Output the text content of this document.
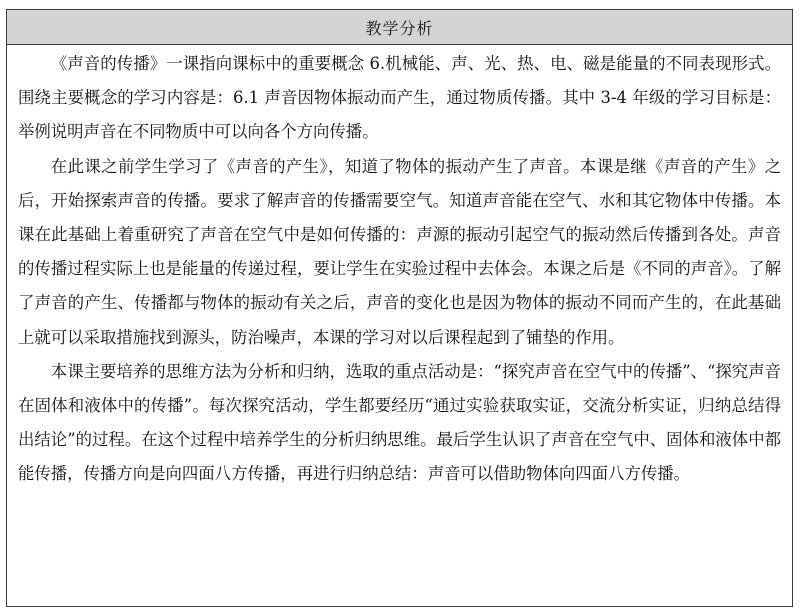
教学分析

《声音的传播》一课指向课标中的重要概念 6.机械能、声、光、热、电、磁是能量的不同表现形式。围绕主要概念的学习内容是：6.1 声音因物体振动而产生，通过物质传播。其中 3-4 年级的学习目标是：举例说明声音在不同物质中可以向各个方向传播。

在此课之前学生学习了《声音的产生》，知道了物体的振动产生了声音。本课是继《声音的产生》之后，开始探索声音的传播。要求了解声音的传播需要空气。知道声音能在空气、水和其它物体中传播。本课在此基础上着重研究了声音在空气中是如何传播的：声源的振动引起空气的振动然后传播到各处。声音的传播过程实际上也是能量的传递过程，要让学生在实验过程中去体会。本课之后是《不同的声音》。了解了声音的产生、传播都与物体的振动有关之后，声音的变化也是因为物体的振动不同而产生的，在此基础上就可以采取措施找到源头，防治噪声，本课的学习对以后课程起到了铺垫的作用。

本课主要培养的思维方法为分析和归纳，选取的重点活动是：“探究声音在空气中的传播”、“探究声音在固体和液体中的传播”。每次探究活动，学生都要经历“通过实验获取实证，交流分析实证，归纳总结得出结论”的过程。在这个过程中培养学生的分析归纳思维。最后学生认识了声音在空气中、固体和液体中都能传播，传播方向是向四面八方传播，再进行归纳总结：声音可以借助物体向四面八方传播。
